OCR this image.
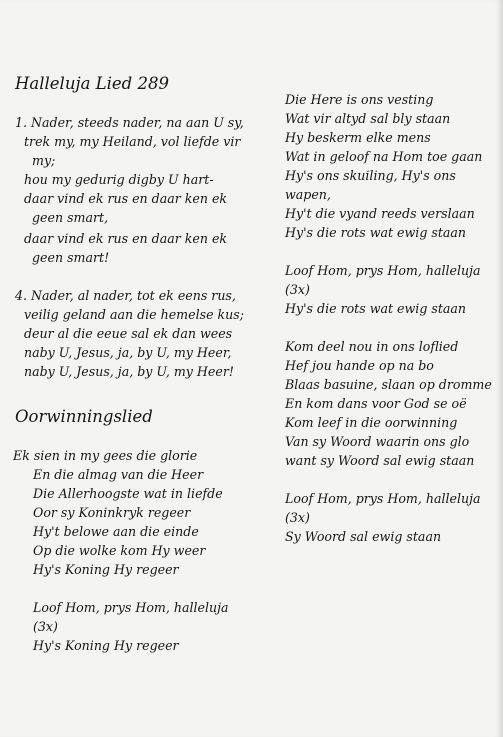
Halleluja Lied 289
1. Nader, steeds nader, na aan U sy,
trek my, my Heiland, vol liefde vir
my;
hou my gedurig digby U hart-
daar vind ek rus en daar ken ek
geen smart,
daar vind ek rus en daar ken ek
geen smart!
4. Nader, al nader, tot ek eens rus,
veilig geland aan die hemelse kus;
deur al die eeue sal ek dan wees
naby U, Jesus, ja, by U, my Heer,
naby U, Jesus, ja, by U, my Heer!
Oorwinningslied
Ek sien in my gees die glorie
En die almag van die Heer
Die Allerhoogste wat in liefde
Oor sy Koninkryk regeer
Hy't belowe aan die einde
Op die wolke kom Hy weer
Hy's Koning Hy regeer
Loof Hom, prys Hom, halleluja
(3x)
Hy's Koning Hy regeer
Die Here is ons vesting
Wat vir altyd sal bly staan
Hy beskerm elke mens
Wat in geloof na Hom toe gaan
Hy's ons skuiling, Hy's ons
wapen,
Hy't die vyand reeds verslaan
Hy's die rots wat ewig staan
Loof Hom, prys Hom, halleluja
(3x)
Hy's die rots wat ewig staan
Kom deel nou in ons loflied
Hef jou hande op na bo
Blaas basuine, slaan op dromme
En kom dans voor God se oë
Kom leef in die oorwinning
Van sy Woord waarin ons glo
want sy Woord sal ewig staan
Loof Hom, prys Hom, halleluja
(3x)
Sy Woord sal ewig staan
